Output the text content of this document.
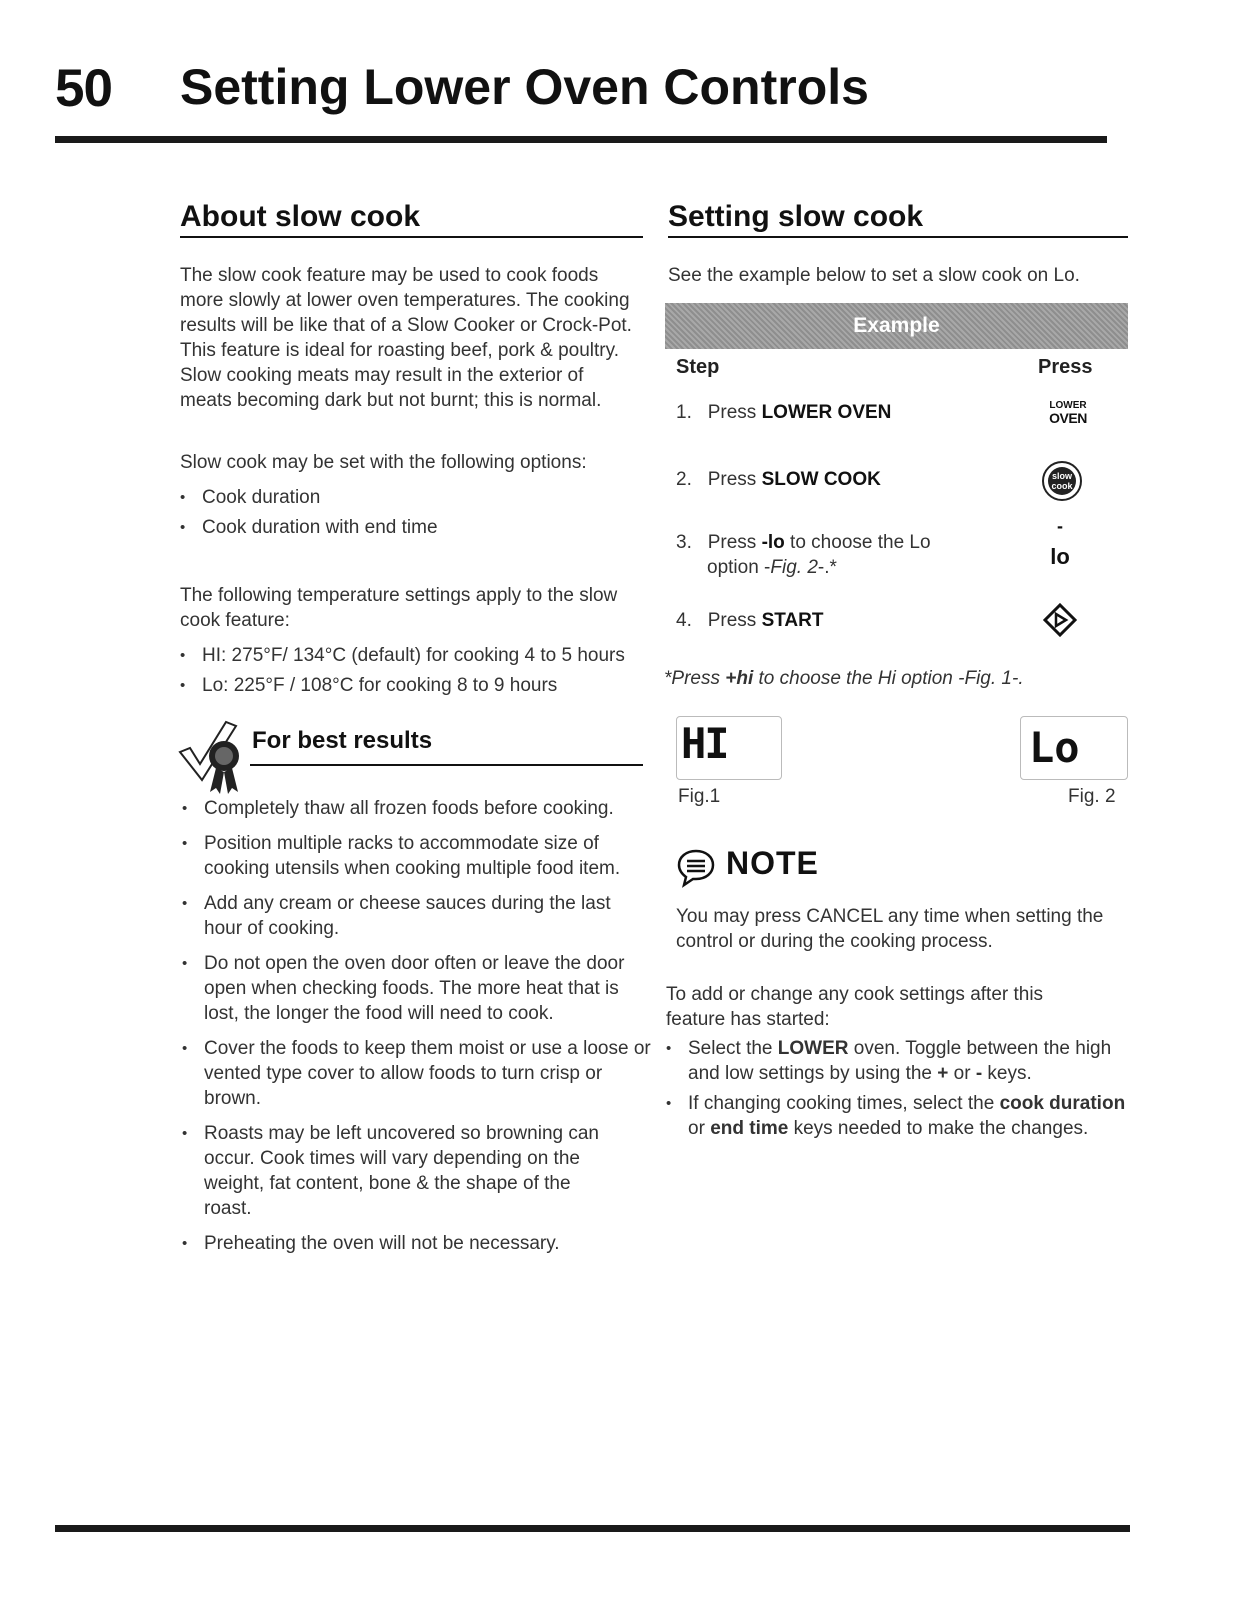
50 Setting Lower Oven Controls
About slow cook
The slow cook feature may be used to cook foods more slowly at lower oven temperatures. The cooking results will be like that of a Slow Cooker or Crock-Pot. This feature is ideal for roasting beef, pork & poultry. Slow cooking meats may result in the exterior of meats becoming dark but not burnt; this is normal.
Slow cook may be set with the following options:
• Cook duration
• Cook duration with end time
The following temperature settings apply to the slow cook feature:
• HI: 275°F/ 134°C (default) for cooking 4 to 5 hours
• Lo: 225°F / 108°C for cooking 8 to 9 hours
For best results
• Completely thaw all frozen foods before cooking.
• Position multiple racks to accommodate size of cooking utensils when cooking multiple food item.
• Add any cream or cheese sauces during the last hour of cooking.
• Do not open the oven door often or leave the door open when checking foods. The more heat that is lost, the longer the food will need to cook.
• Cover the foods to keep them moist or use a loose or vented type cover to allow foods to turn crisp or brown.
• Roasts may be left uncovered so browning can occur. Cook times will vary depending on the weight, fat content, bone & the shape of the roast.
• Preheating the oven will not be necessary.
Setting slow cook
See the example below to set a slow cook on Lo.
Example
Step	Press
1. Press LOWER OVEN	LOWER
OVEN
2. Press SLOW COOK	slow
cook
3. Press -lo to choose the Lo
option -Fig. 2-.*
-
lo
4. Press START
*Press +hi to choose the Hi option -Fig. 1-.
HI	Lo
Fig.1	Fig. 2
NOTE
You may press CANCEL any time when setting the control or during the cooking process.
To add or change any cook settings after this feature has started:
• Select the LOWER oven. Toggle between the high and low settings by using the + or - keys.
• If changing cooking times, select the cook duration or end time keys needed to make the changes.
